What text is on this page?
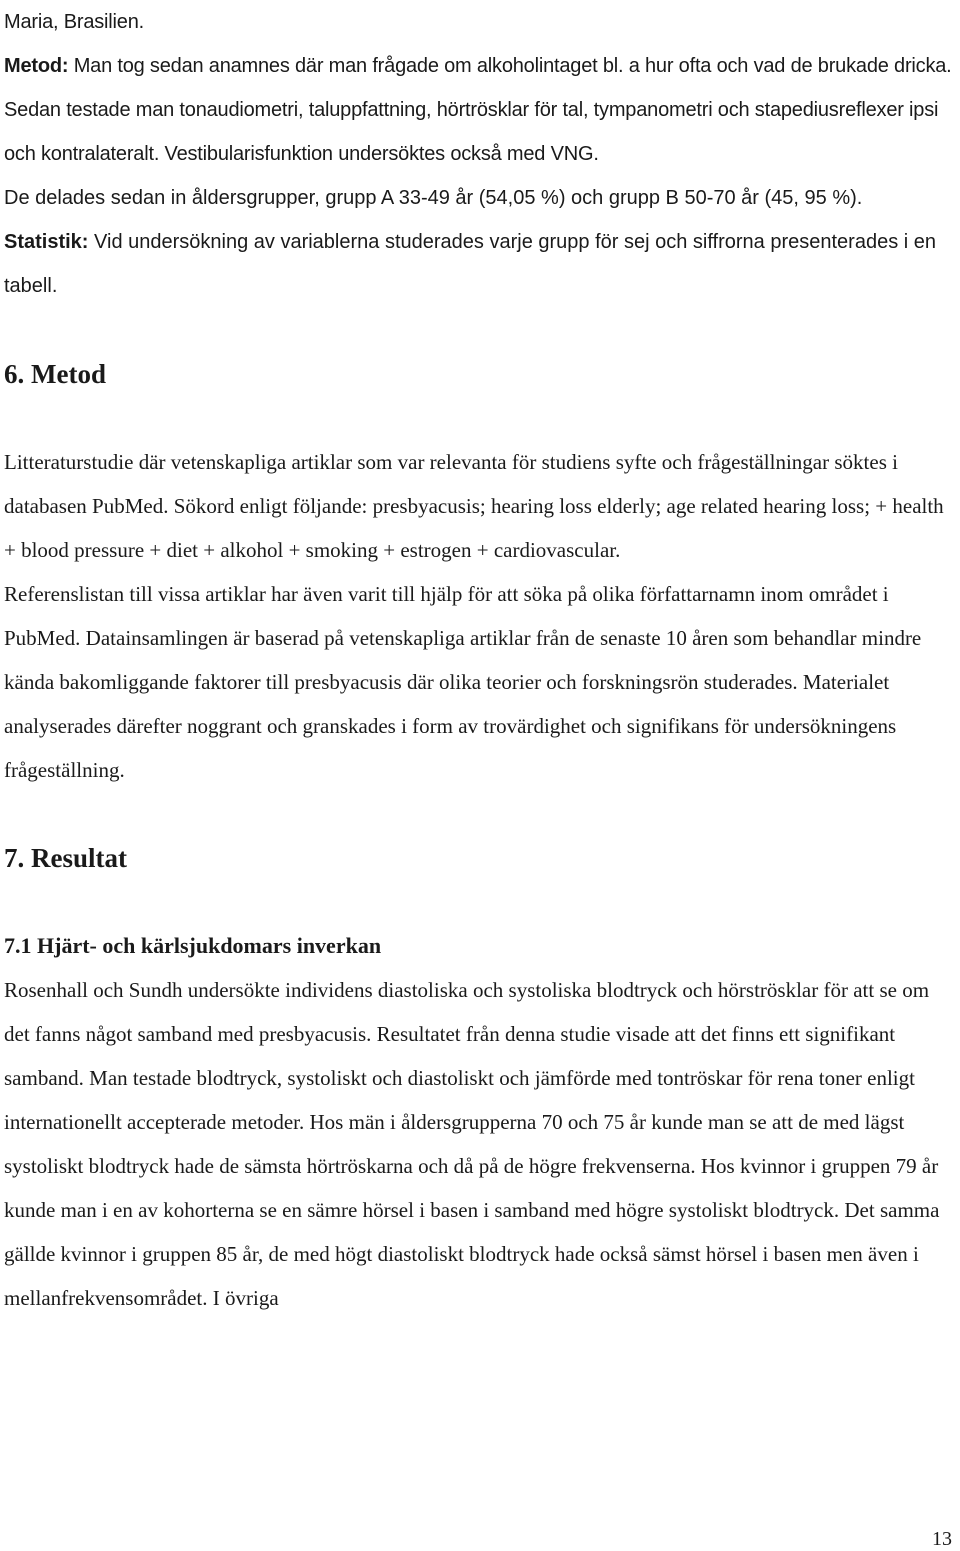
Maria, Brasilien.

Metod: Man tog sedan anamnes där man frågade om alkoholintaget bl. a hur ofta och vad de brukade dricka. Sedan testade man tonaudiometri, taluppfattning, hörtrösklar för tal, tympanometri och stapediusreflexer ipsi och kontralateralt. Vestibularisfunktion undersöktes också med VNG.

De delades sedan in åldersgrupper, grupp A 33-49 år (54,05 %) och grupp B 50-70 år (45, 95 %).

Statistik: Vid undersökning av variablerna studerades varje grupp för sej och siffrorna presenterades i en tabell.

6. Metod

Litteraturstudie där vetenskapliga artiklar som var relevanta för studiens syfte och frågeställningar söktes i databasen PubMed. Sökord enligt följande: presbyacusis; hearing loss elderly; age related hearing loss; + health + blood pressure + diet + alkohol + smoking + estrogen + cardiovascular.

Referenslistan till vissa artiklar har även varit till hjälp för att söka på olika författarnamn inom området i PubMed. Datainsamlingen är baserad på vetenskapliga artiklar från de senaste 10 åren som behandlar mindre kända bakomliggande faktorer till presbyacusis där olika teorier och forskningsrön studerades. Materialet analyserades därefter noggrant och granskades i form av trovärdighet och signifikans för undersökningens frågeställning.

7. Resultat
7.1 Hjärt- och kärlsjukdomars inverkan

Rosenhall och Sundh undersökte individens diastoliska och systoliska blodtryck och hörströsklar för att se om det fanns något samband med presbyacusis. Resultatet från denna studie visade att det finns ett signifikant samband. Man testade blodtryck, systoliskt och diastoliskt och jämförde med tontröskar för rena toner enligt internationellt accepterade metoder. Hos män i åldersgrupperna 70 och 75 år kunde man se att de med lägst systoliskt blodtryck hade de sämsta hörtröskarna och då på de högre frekvenserna. Hos kvinnor i gruppen 79 år kunde man i en av kohorterna se en sämre hörsel i basen i samband med högre systoliskt blodtryck. Det samma gällde kvinnor i gruppen 85 år, de med högt diastoliskt blodtryck hade också sämst hörsel i basen men även i mellanfrekvensområdet. I övriga

13
